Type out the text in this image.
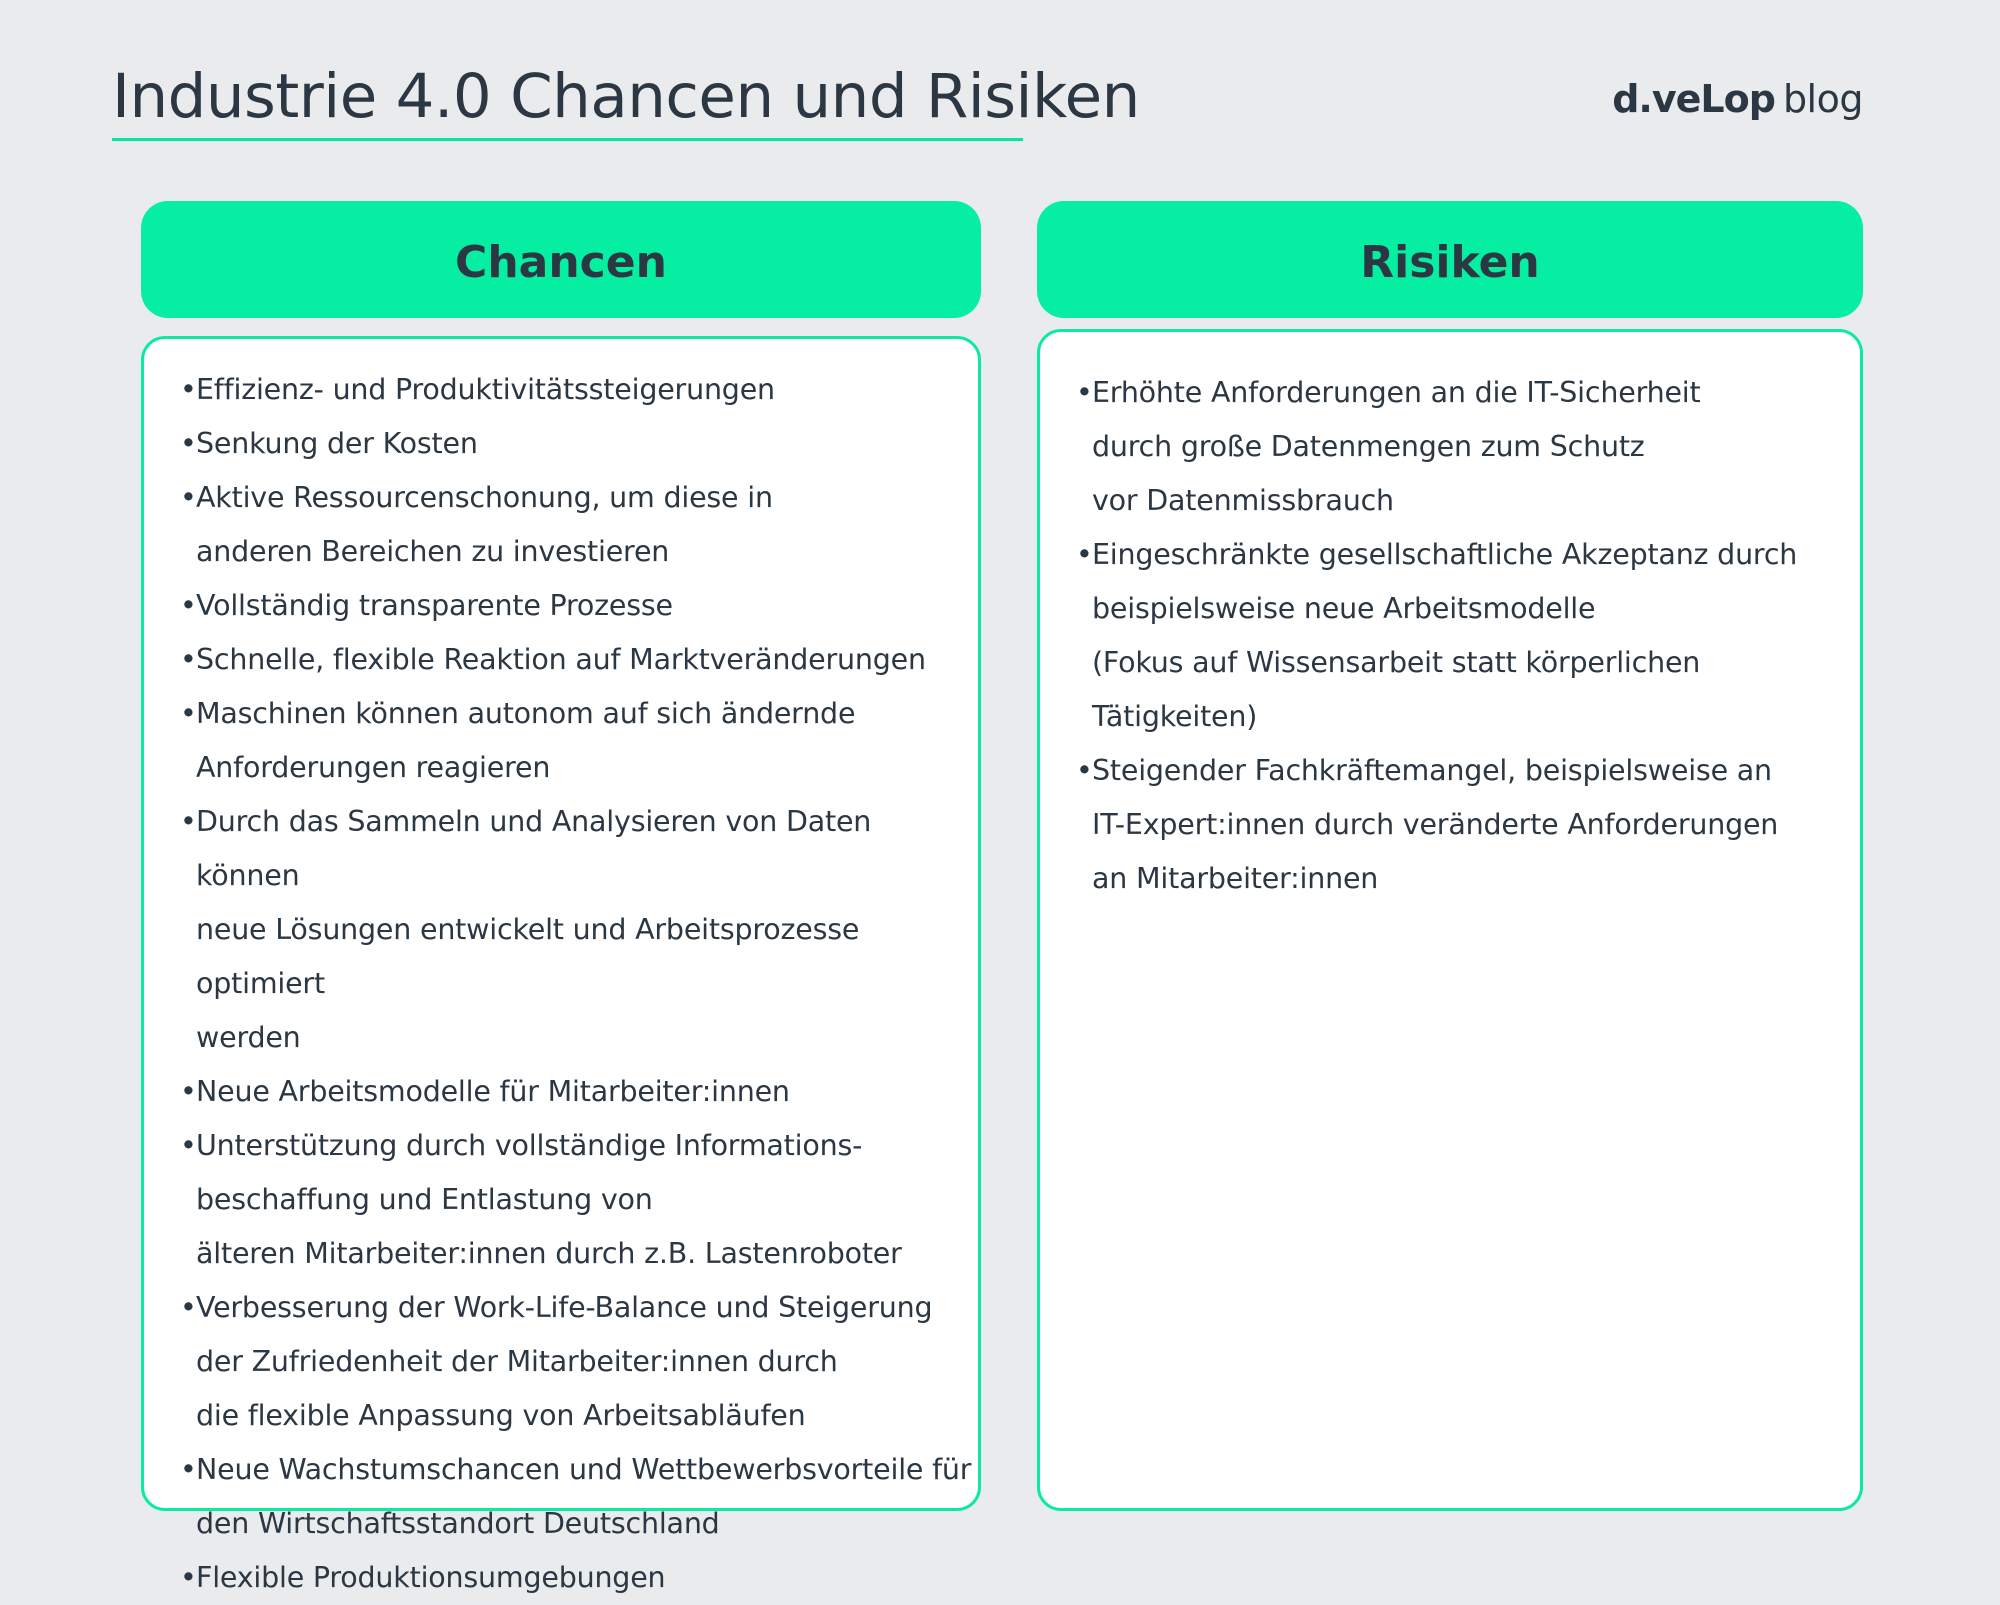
Industrie 4.0 Chancen und Risiken	d.veLop blog
Chancen	Risiken
• Effizienz- und Produktivitätssteigerungen
• Senkung der Kosten
• Aktive Ressourcenschonung, um diese in
anderen Bereichen zu investieren
• Vollständig transparente Prozesse
• Schnelle, flexible Reaktion auf Marktveränderungen
• Maschinen können autonom auf sich ändernde
Anforderungen reagieren
• Durch das Sammeln und Analysieren von Daten können
neue Lösungen entwickelt und Arbeitsprozesse optimiert
werden
• Neue Arbeitsmodelle für Mitarbeiter:innen
• Unterstützung durch vollständige Informations-
beschaffung und Entlastung von
älteren Mitarbeiter:innen durch z.B. Lastenroboter
• Verbesserung der Work-Life-Balance und Steigerung
der Zufriedenheit der Mitarbeiter:innen durch
die flexible Anpassung von Arbeitsabläufen
• Neue Wachstumschancen und Wettbewerbsvorteile für
den Wirtschaftsstandort Deutschland
• Flexible Produktionsumgebungen
• Erhöhte Anforderungen an die IT-Sicherheit
durch große Datenmengen zum Schutz
vor Datenmissbrauch
• Eingeschränkte gesellschaftliche Akzeptanz durch
beispielsweise neue Arbeitsmodelle
(Fokus auf Wissensarbeit statt körperlichen Tätigkeiten)
• Steigender Fachkräftemangel, beispielsweise an
IT-Expert:innen durch veränderte Anforderungen
an Mitarbeiter:innen
